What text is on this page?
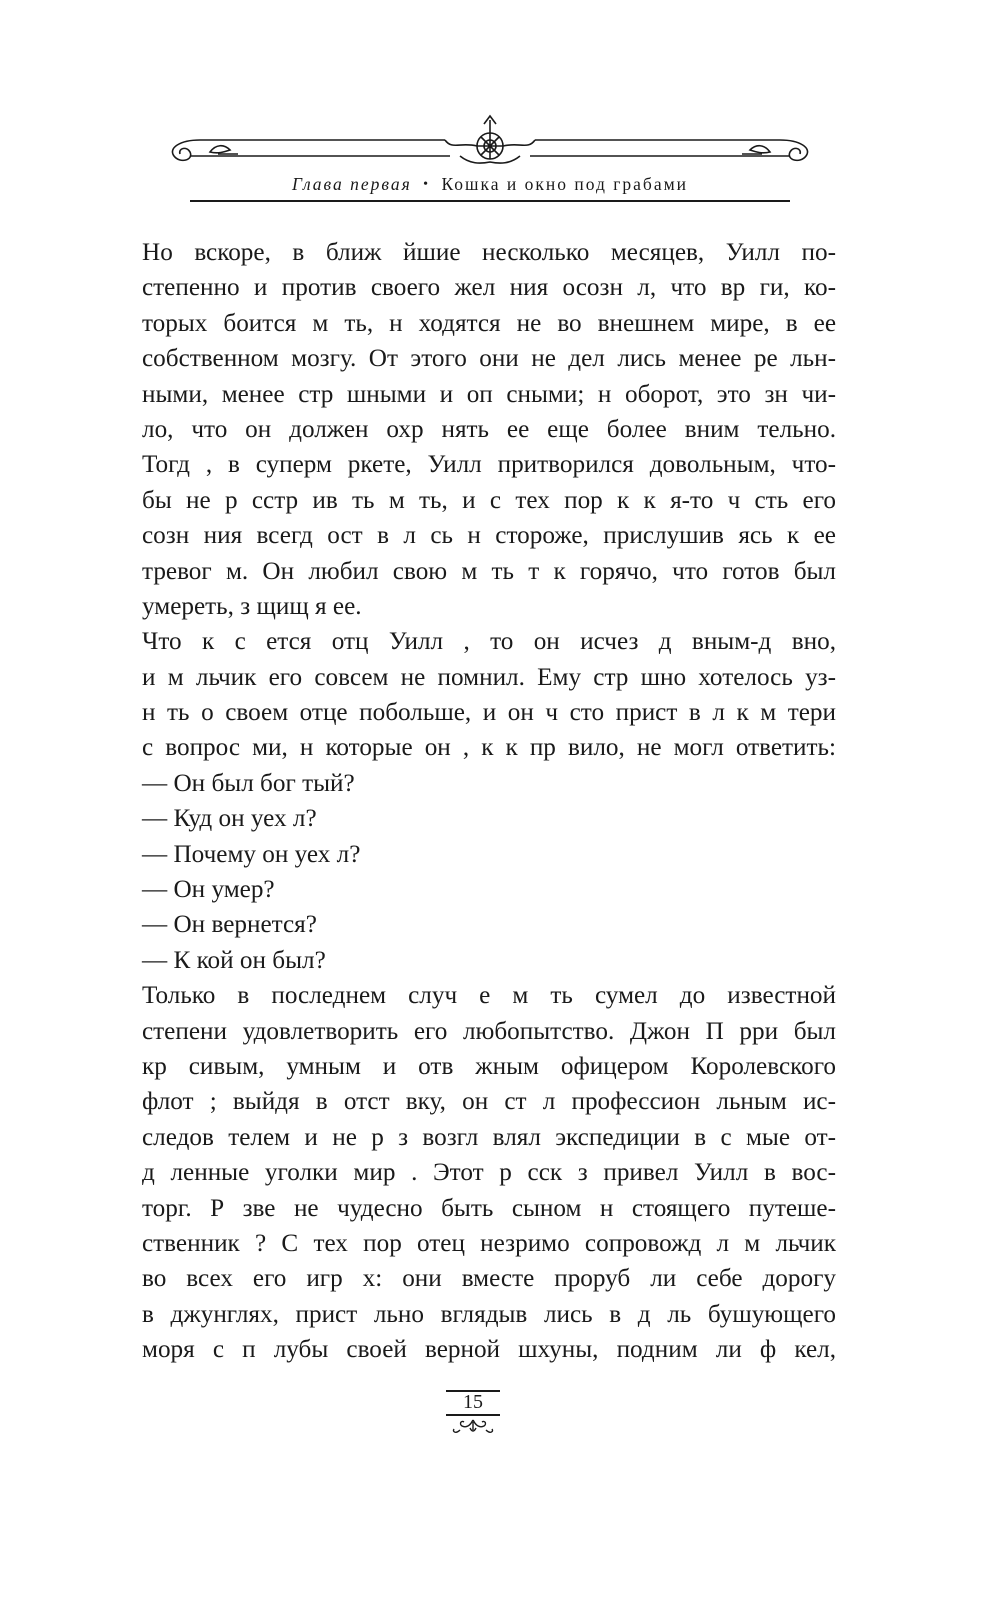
Глава первая • Кошка и окно под грабами
Но вскоре, в ближ йшие несколько месяцев, Уилл по-
степенно и против своего жел ния осозн л, что вр ги, ко-
торых боится м ть, н ходятся не во внешнем мире, в ее
собственном мозгу. От этого они не дел лись менее ре льн-
ными, менее стр шными и оп сными; н оборот, это зн чи-
ло, что он должен охр нять ее еще более вним тельно.
Тогд , в суперм ркете, Уилл притворился довольным, что-
бы не р сстр ив ть м ть, и с тех пор к к я-то ч сть его
созн ния всегд ост в л сь н стороже, прислушив ясь к ее
тревог м. Он любил свою м ть т к горячо, что готов был
умереть, з щищ я ее.
Что к с ется отц Уилл , то он исчез д вным-д вно,
и м льчик его совсем не помнил. Ему стр шно хотелось уз-
н ть о своем отце побольше, и он ч сто прист в л к м тери
с вопрос ми, н которые он , к к пр вило, не могл ответить:
— Он был бог тый?
— Куд он уех л?
— Почему он уех л?
— Он умер?
— Он вернется?
— К кой он был?
Только в последнем случ е м ть сумел до известной
степени удовлетворить его любопытство. Джон П рри был
кр сивым, умным и отв жным офицером Королевского
флот ; выйдя в отст вку, он ст л профессион льным ис-
следов телем и не р з возгл влял экспедиции в с мые от-
д ленные уголки мир . Этот р сск з привел Уилл в вос-
торг. Р зве не чудесно быть сыном н стоящего путеше-
ственник ? С тех пор отец незримо сопровожд л м льчик
во всех его игр х: они вместе проруб ли себе дорогу
в джунглях, прист льно вглядыв лись в д ль бушующего
моря с п лубы своей верной шхуны, подним ли ф кел,
15
